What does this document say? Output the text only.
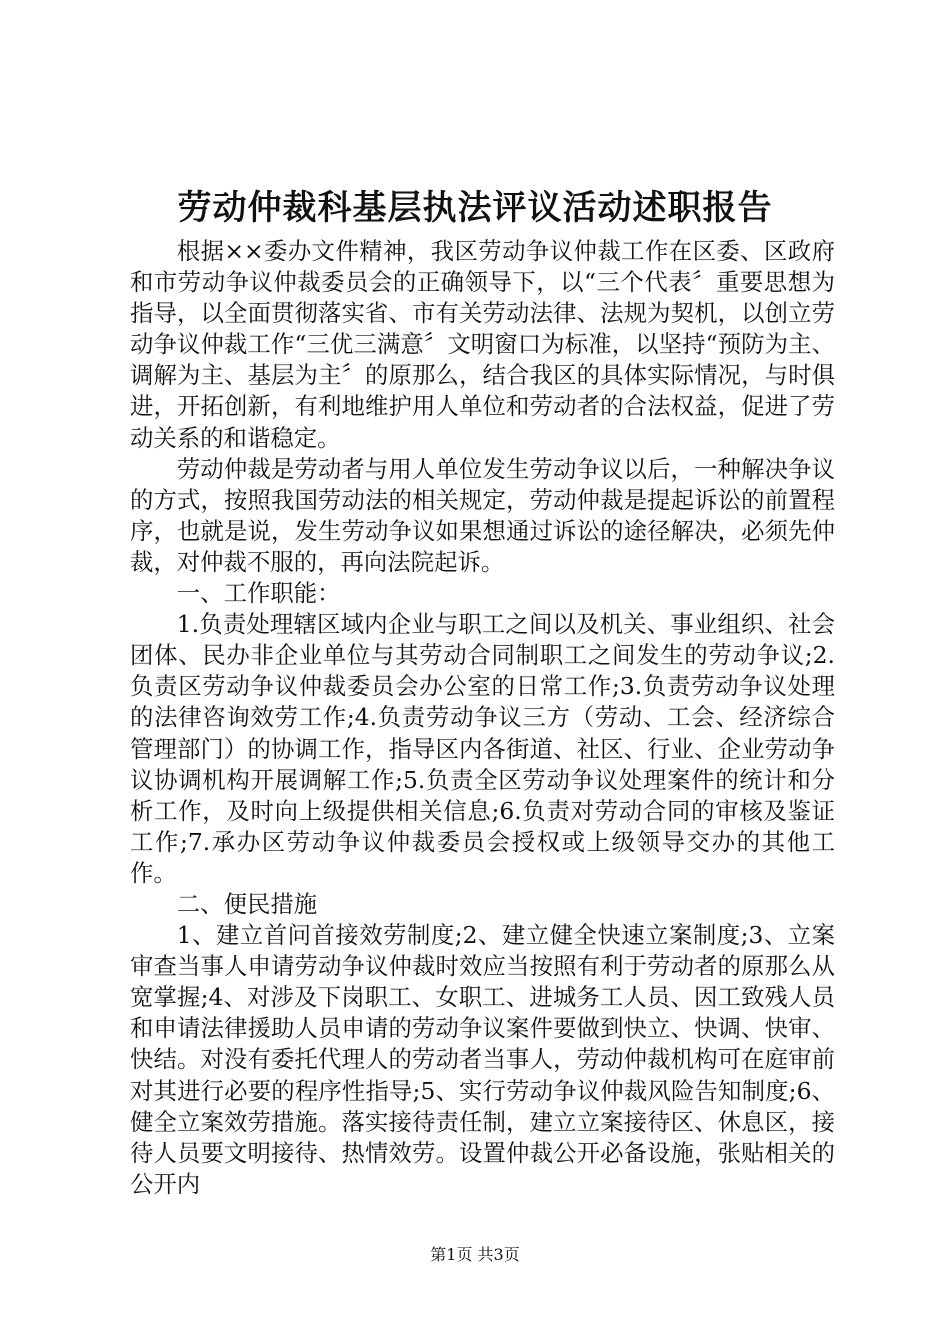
劳动仲裁科基层执法评议活动述职报告

根据××委办文件精神，我区劳动争议仲裁工作在区委、区政府和市劳动争议仲裁委员会的正确领导下，以“三个代表〞重要思想为指导，以全面贯彻落实省、市有关劳动法律、法规为契机，以创立劳动争议仲裁工作“三优三满意〞文明窗口为标准，以坚持“预防为主、调解为主、基层为主〞的原那么，结合我区的具体实际情况，与时俱进，开拓创新，有利地维护用人单位和劳动者的合法权益，促进了劳动关系的和谐稳定。

劳动仲裁是劳动者与用人单位发生劳动争议以后，一种解决争议的方式，按照我国劳动法的相关规定，劳动仲裁是提起诉讼的前置程序，也就是说，发生劳动争议如果想通过诉讼的途径解决，必须先仲裁，对仲裁不服的，再向法院起诉。

一、工作职能：

1.负责处理辖区域内企业与职工之间以及机关、事业组织、社会团体、民办非企业单位与其劳动合同制职工之间发生的劳动争议;2.负责区劳动争议仲裁委员会办公室的日常工作;3.负责劳动争议处理的法律咨询效劳工作;4.负责劳动争议三方（劳动、工会、经济综合管理部门）的协调工作，指导区内各街道、社区、行业、企业劳动争议协调机构开展调解工作;5.负责全区劳动争议处理案件的统计和分析工作，及时向上级提供相关信息;6.负责对劳动合同的审核及鉴证工作;7.承办区劳动争议仲裁委员会授权或上级领导交办的其他工作。

二、便民措施

1、建立首问首接效劳制度;2、建立健全快速立案制度;3、立案审查当事人申请劳动争议仲裁时效应当按照有利于劳动者的原那么从宽掌握;4、对涉及下岗职工、女职工、进城务工人员、因工致残人员和申请法律援助人员申请的劳动争议案件要做到快立、快调、快审、快结。对没有委托代理人的劳动者当事人，劳动仲裁机构可在庭审前对其进行必要的程序性指导;5、实行劳动争议仲裁风险告知制度;6、健全立案效劳措施。落实接待责任制，建立立案接待区、休息区，接待人员要文明接待、热情效劳。设置仲裁公开必备设施，张贴相关的公开内

第1页 共3页
